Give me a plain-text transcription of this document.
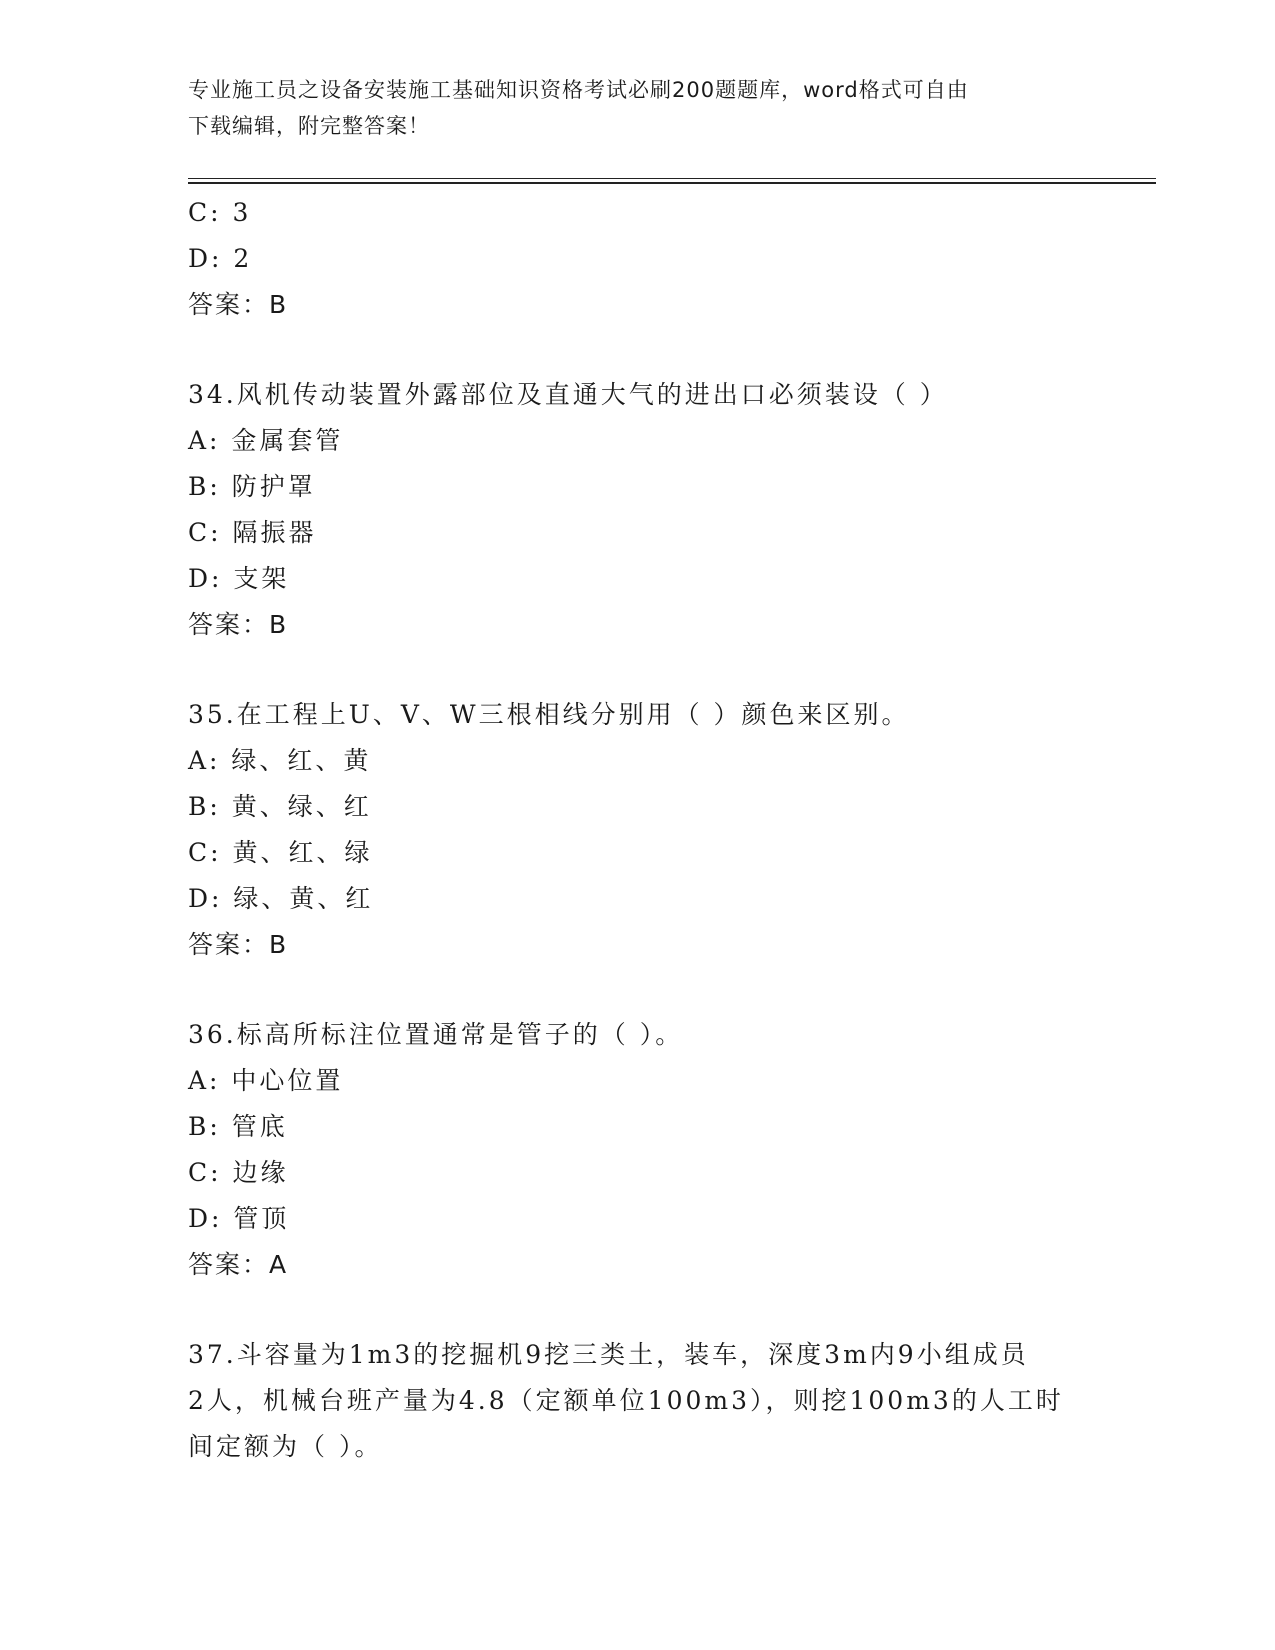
专业施工员之设备安装施工基础知识资格考试必刷200题题库，word格式可自由
下载编辑，附完整答案！
C: 3
D: 2
答案：B
34.风机传动装置外露部位及直通大气的进出口必须装设（ ）
A: 金属套管
B: 防护罩
C: 隔振器
D: 支架
答案：B
35.在工程上U、V、W三根相线分别用（ ）颜色来区别。
A: 绿、红、黄
B: 黄、绿、红
C: 黄、红、绿
D: 绿、黄、红
答案：B
36.标高所标注位置通常是管子的（ ）。
A: 中心位置
B: 管底
C: 边缘
D: 管顶
答案：A
37.斗容量为1m3的挖掘机9挖三类土，装车，深度3m内9小组成员
2人，机械台班产量为4.8（定额单位100m3），则挖100m3的人工时
间定额为（ ）。
